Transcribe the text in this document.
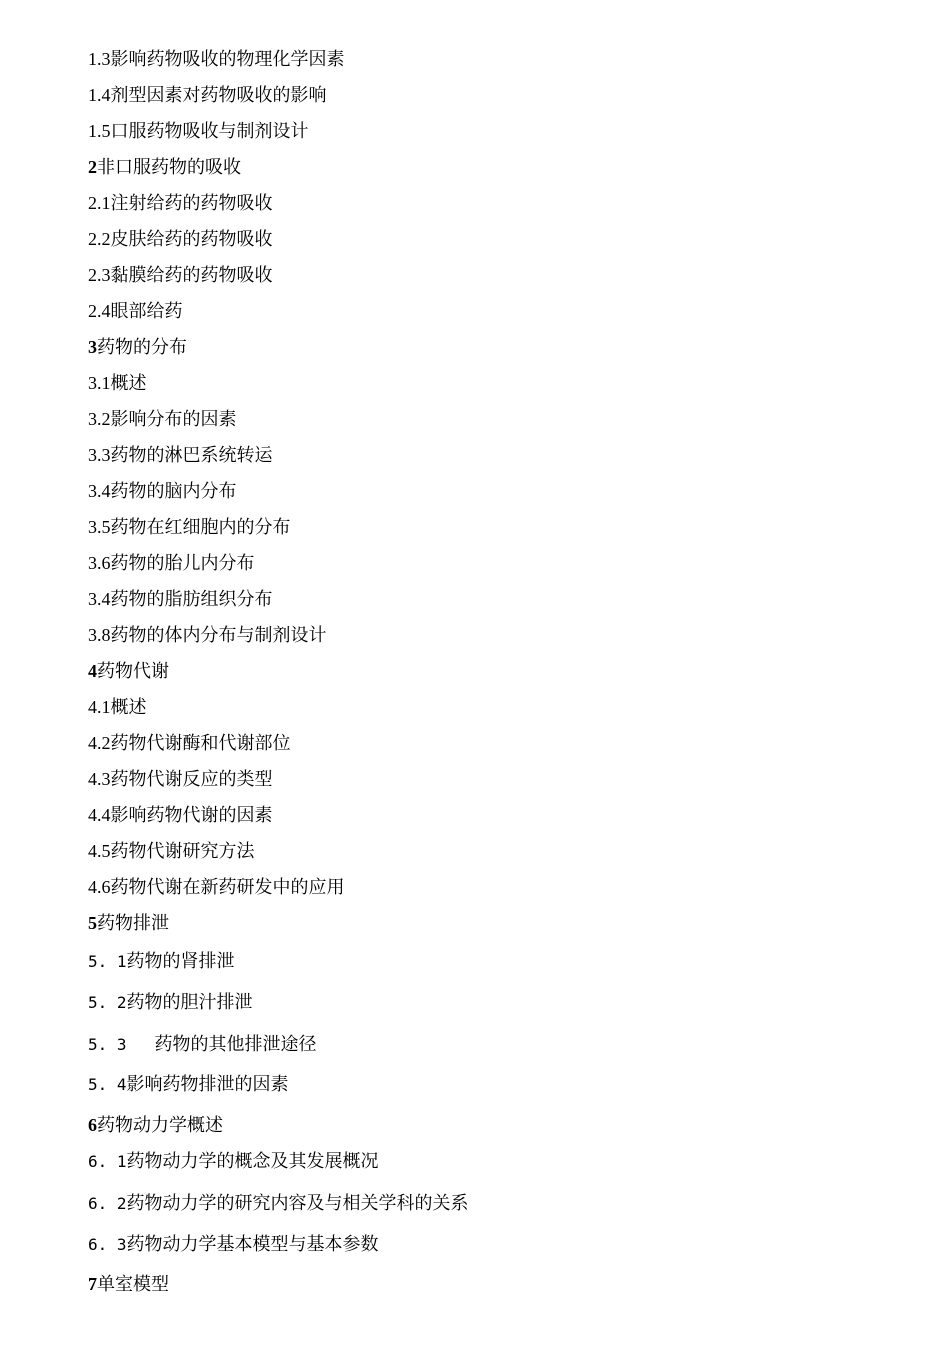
1.3影响药物吸收的物理化学因素
1.4剂型因素对药物吸收的影响
1.5口服药物吸收与制剂设计
2非口服药物的吸收
2.1注射给药的药物吸收
2.2皮肤给药的药物吸收
2.3黏膜给药的药物吸收
2.4眼部给药
3药物的分布
3.1概述
3.2影响分布的因素
3.3药物的淋巴系统转运
3.4药物的脑内分布
3.5药物在红细胞内的分布
3.6药物的胎儿内分布
3.4药物的脂肪组织分布
3.8药物的体内分布与制剂设计
4药物代谢
4.1概述
4.2药物代谢酶和代谢部位
4.3药物代谢反应的类型
4.4影响药物代谢的因素
4.5药物代谢研究方法
4.6药物代谢在新药研发中的应用
5药物排泄
5. 1药物的肾排泄
5. 2药物的胆汁排泄
5. 3 药物的其他排泄途径
5. 4影响药物排泄的因素
6药物动力学概述
6. 1药物动力学的概念及其发展概况
6. 2药物动力学的研究内容及与相关学科的关系
6. 3药物动力学基本模型与基本参数
7单室模型
